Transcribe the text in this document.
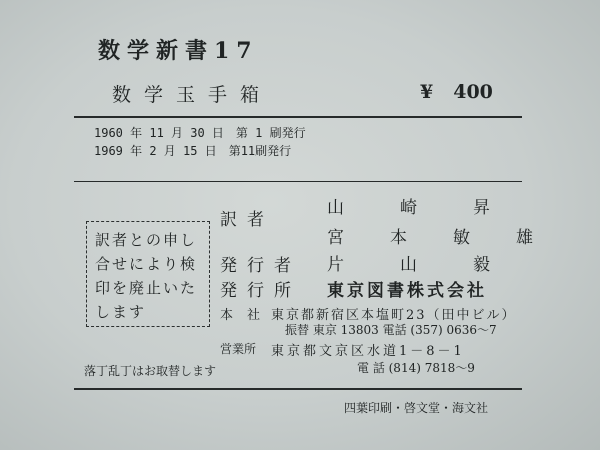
数学新書17
数学玉手箱	¥ 400
1960 年 11 月 30 日　第 1 刷発行
1969 年 2 月 15 日　第11刷発行
訳者との申し
合せにより検
印を廃止いた
します
訳者
山崎昇
宮本敏雄
発行者 片山毅
発行所 東京図書株式会社
本社
東京都新宿区本塩町23（田中ビル）
振替 東京 13803 電話 (357) 0636～7
営業所 東京都文京区水道1－8－1
電 話 (814) 7818～9
落丁乱丁はお取替します
四葉印刷・啓文堂・海文社
